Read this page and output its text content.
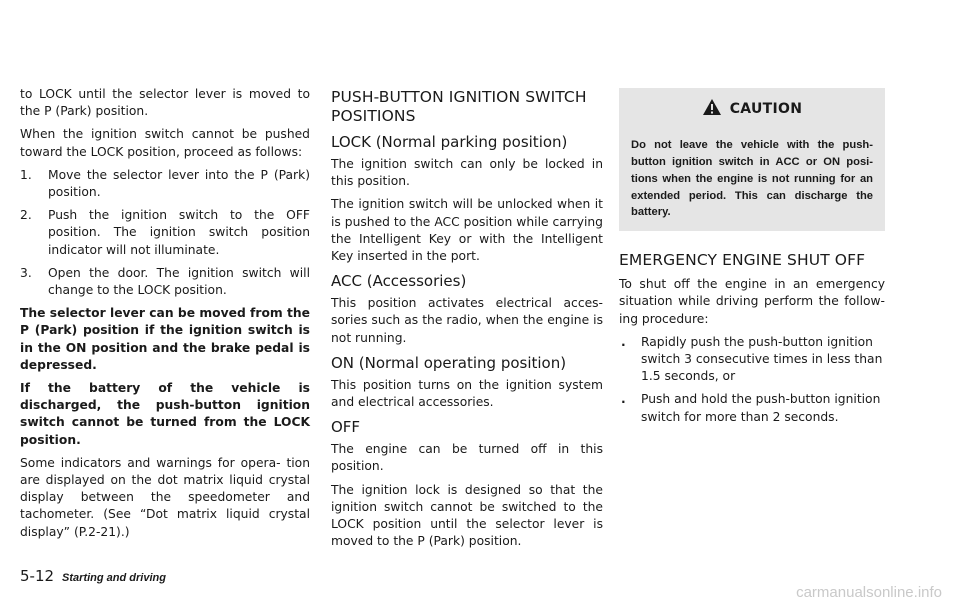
to LOCK until the selector lever is moved to the P (Park) position.

When the ignition switch cannot be pushed toward the LOCK position, proceed as follows:

1. Move the selector lever into the P (Park) position.
2. Push the ignition switch to the OFF position. The ignition switch position indicator will not illuminate.
3. Open the door. The ignition switch will change to the LOCK position.

The selector lever can be moved from the P (Park) position if the ignition switch is in the ON position and the brake pedal is depressed.

If the battery of the vehicle is discharged, the push-button ignition switch cannot be turned from the LOCK position.

Some indicators and warnings for opera- tion are displayed on the dot matrix liquid crystal display between the speedometer and tachometer. (See “Dot matrix liquid crystal display” (P.2-21).)

PUSH-BUTTON IGNITION SWITCH POSITIONS
LOCK (Normal parking position)

The ignition switch can only be locked in this position.

The ignition switch will be unlocked when it is pushed to the ACC position while carrying the Intelligent Key or with the Intelligent Key inserted in the port.

ACC (Accessories)

This position activates electrical acces- sories such as the radio, when the engine is not running.

ON (Normal operating position)

This position turns on the ignition system and electrical accessories.

OFF

The engine can be turned off in this position.

The ignition lock is designed so that the ignition switch cannot be switched to the LOCK position until the selector lever is moved to the P (Park) position.

CAUTION
Do not leave the vehicle with the push- button ignition switch in ACC or ON posi- tions when the engine is not running for an extended period. This can discharge the battery.
EMERGENCY ENGINE SHUT OFF

To shut off the engine in an emergency situation while driving perform the follow- ing procedure:

. Rapidly push the push-button ignition switch 3 consecutive times in less than 1.5 seconds, or
. Push and hold the push-button ignition switch for more than 2 seconds.
5-12 Starting and driving
carmanualsonline.info
